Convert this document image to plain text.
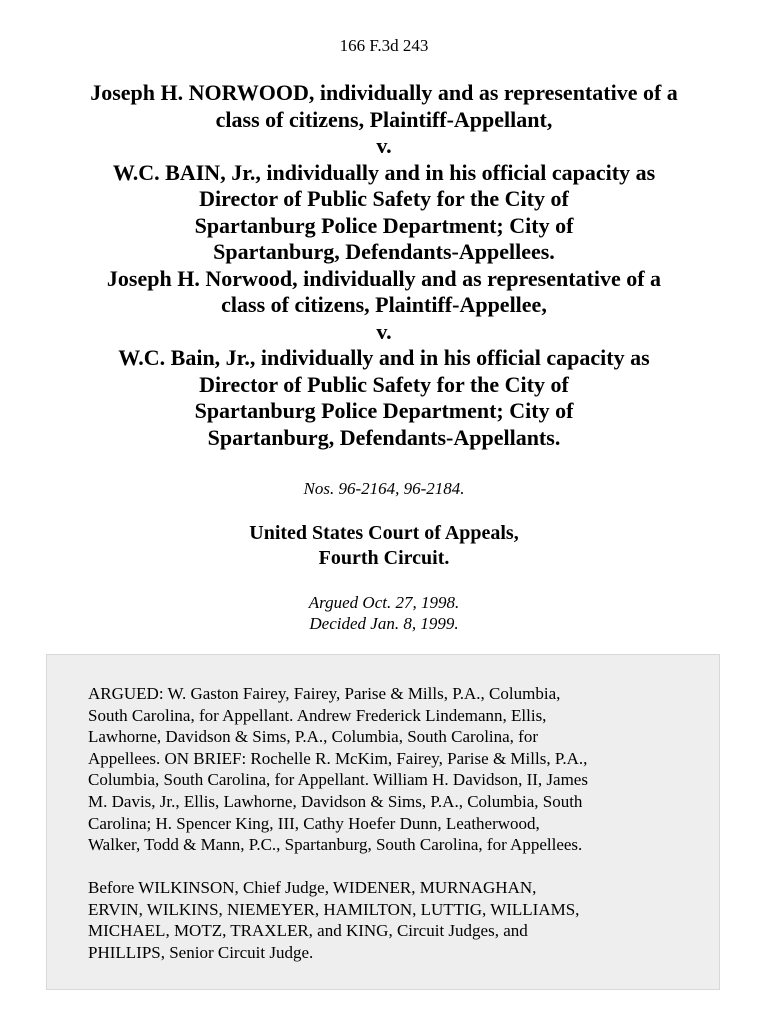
166 F.3d 243
Joseph H. NORWOOD, individually and as representative of a
class of citizens, Plaintiff-Appellant,
v.
W.C. BAIN, Jr., individually and in his official capacity as
Director of Public Safety for the City of
Spartanburg Police Department; City of
Spartanburg, Defendants-Appellees.
Joseph H. Norwood, individually and as representative of a
class of citizens, Plaintiff-Appellee,
v.
W.C. Bain, Jr., individually and in his official capacity as
Director of Public Safety for the City of
Spartanburg Police Department; City of
Spartanburg, Defendants-Appellants.
Nos. 96-2164, 96-2184.
United States Court of Appeals,
Fourth Circuit.
Argued Oct. 27, 1998.
Decided Jan. 8, 1999.
ARGUED: W. Gaston Fairey, Fairey, Parise & Mills, P.A., Columbia,
South Carolina, for Appellant. Andrew Frederick Lindemann, Ellis,
Lawhorne, Davidson & Sims, P.A., Columbia, South Carolina, for
Appellees. ON BRIEF: Rochelle R. McKim, Fairey, Parise & Mills, P.A.,
Columbia, South Carolina, for Appellant. William H. Davidson, II, James
M. Davis, Jr., Ellis, Lawhorne, Davidson & Sims, P.A., Columbia, South
Carolina; H. Spencer King, III, Cathy Hoefer Dunn, Leatherwood,
Walker, Todd & Mann, P.C., Spartanburg, South Carolina, for Appellees.
Before WILKINSON, Chief Judge, WIDENER, MURNAGHAN,
ERVIN, WILKINS, NIEMEYER, HAMILTON, LUTTIG, WILLIAMS,
MICHAEL, MOTZ, TRAXLER, and KING, Circuit Judges, and
PHILLIPS, Senior Circuit Judge.
